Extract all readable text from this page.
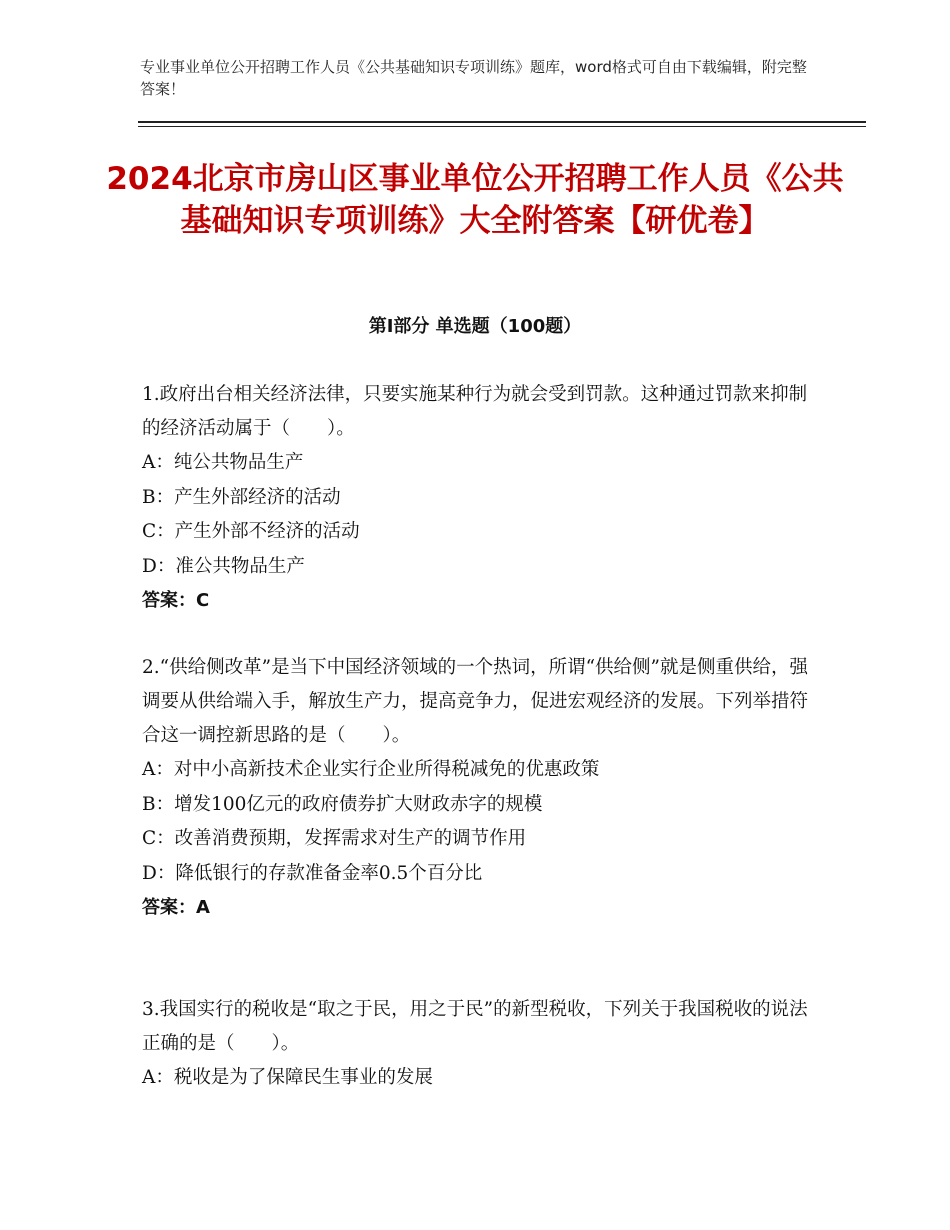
专业事业单位公开招聘工作人员《公共基础知识专项训练》题库，word格式可自由下载编辑，附完整答案！
2024北京市房山区事业单位公开招聘工作人员《公共基础知识专项训练》大全附答案【研优卷】
第Ⅰ部分 单选题（100题）

1.政府出台相关经济法律，只要实施某种行为就会受到罚款。这种通过罚款来抑制的经济活动属于（　　）。

A：纯公共物品生产

B：产生外部经济的活动

C：产生外部不经济的活动

D：准公共物品生产

答案：C

2.“供给侧改革”是当下中国经济领域的一个热词，所谓“供给侧”就是侧重供给，强调要从供给端入手，解放生产力，提高竞争力，促进宏观经济的发展。下列举措符合这一调控新思路的是（　　）。

A：对中小高新技术企业实行企业所得税减免的优惠政策

B：增发100亿元的政府债券扩大财政赤字的规模

C：改善消费预期，发挥需求对生产的调节作用

D：降低银行的存款准备金率0.5个百分比

答案：A

3.我国实行的税收是“取之于民，用之于民”的新型税收，下列关于我国税收的说法正确的是（　　）。

A：税收是为了保障民生事业的发展
